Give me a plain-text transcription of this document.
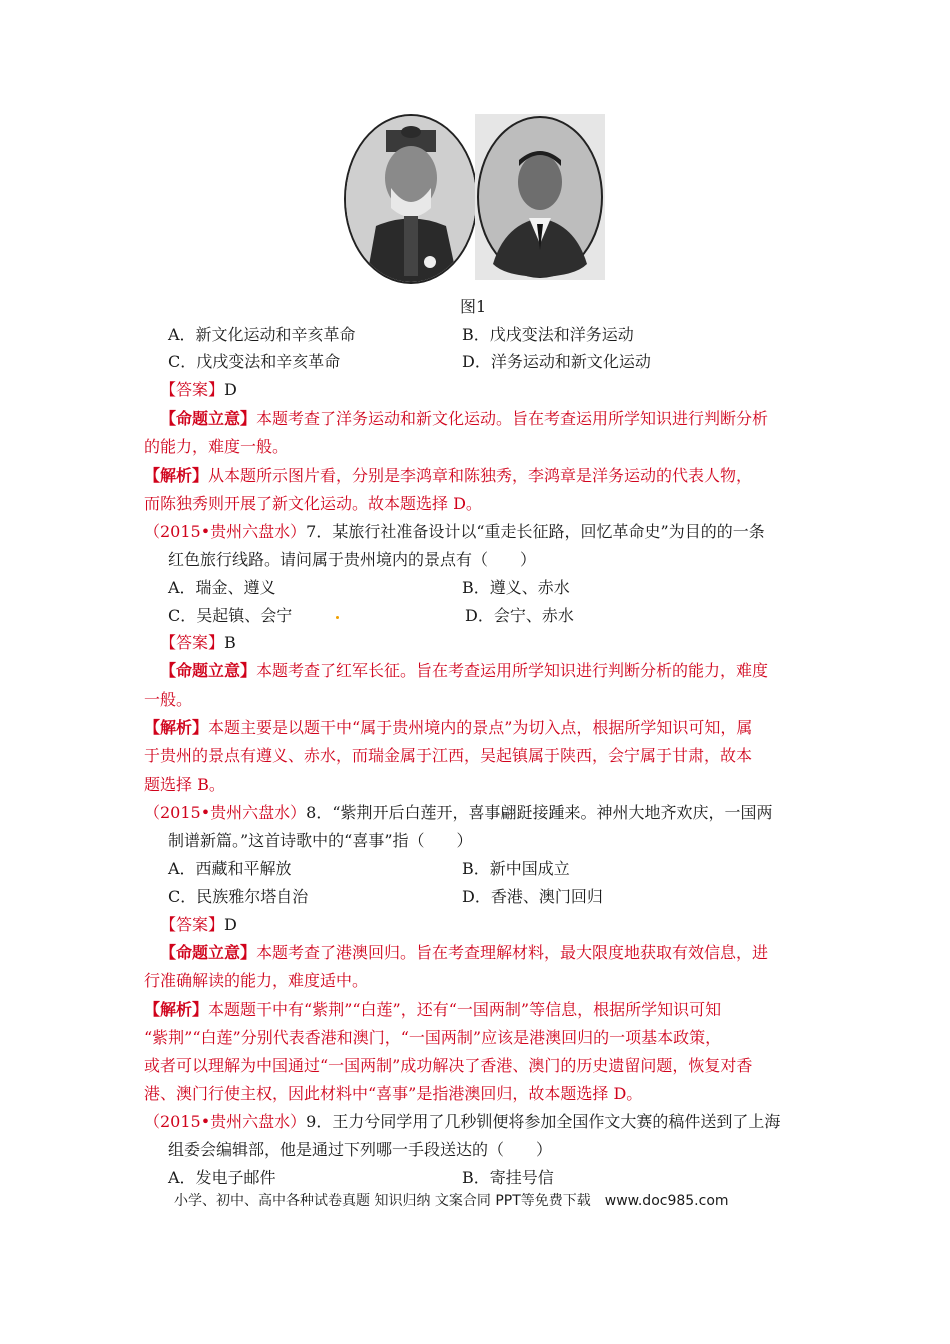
图1
A．新文化运动和辛亥革命	B．戊戌变法和洋务运动
C．戊戌变法和辛亥革命	D．洋务运动和新文化运动
【答案】D
【命题立意】本题考查了洋务运动和新文化运动。旨在考查运用所学知识进行判断分析
的能力，难度一般。
【解析】从本题所示图片看，分别是李鸿章和陈独秀，李鸿章是洋务运动的代表人物，
而陈独秀则开展了新文化运动。故本题选择 D。
（2015•贵州六盘水）7．某旅行社准备设计以“重走长征路，回忆革命史”为目的的一条
红色旅行线路。请问属于贵州境内的景点有（　　）
A．瑞金、遵义	B．遵义、赤水
C．吴起镇、会宁	D．会宁、赤水
【答案】B
【命题立意】本题考查了红军长征。旨在考查运用所学知识进行判断分析的能力，难度
一般。
【解析】本题主要是以题干中“属于贵州境内的景点”为切入点，根据所学知识可知，属
于贵州的景点有遵义、赤水，而瑞金属于江西，吴起镇属于陕西，会宁属于甘肃，故本
题选择 B。
（2015•贵州六盘水）8．“紫荆开后白莲开，喜事翩跹接踵来。神州大地齐欢庆，一国两
制谱新篇。”这首诗歌中的“喜事”指（　　）
A．西藏和平解放	B．新中国成立
C．民族雅尔塔自治	D．香港、澳门回归
【答案】D
【命题立意】本题考查了港澳回归。旨在考查理解材料，最大限度地获取有效信息，进
行准确解读的能力，难度适中。
【解析】本题题干中有“紫荆”“白莲”，还有“一国两制”等信息，根据所学知识可知
“紫荆”“白莲”分别代表香港和澳门，“一国两制”应该是港澳回归的一项基本政策，
或者可以理解为中国通过“一国两制”成功解决了香港、澳门的历史遗留问题，恢复对香
港、澳门行使主权，因此材料中“喜事”是指港澳回归，故本题选择 D。
（2015•贵州六盘水）9．王力兮同学用了几秒钏便将参加全国作文大赛的稿件送到了上海
组委会编辑部，他是通过下列哪一手段送达的（　　）
A．发电子邮件	B．寄挂号信
小学、初中、高中各种试卷真题 知识归纳 文案合同 PPT等免费下载　www.doc985.com
